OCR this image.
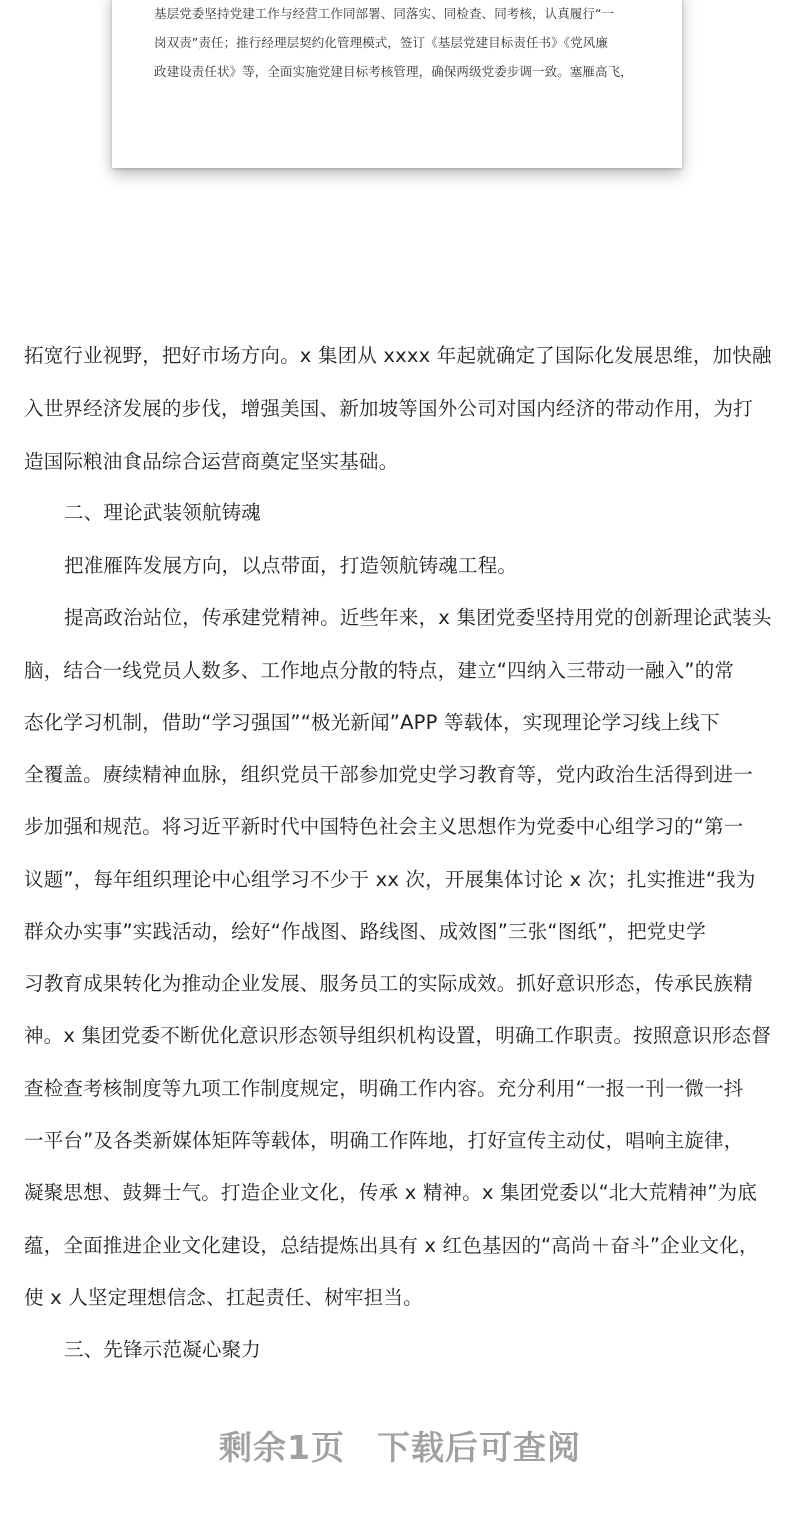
基层党委坚持党建工作与经营工作同部署、同落实、同检查、同考核，认真履行“一
岗双责”责任；推行经理层契约化管理模式，签订《基层党建目标责任书》《党风廉
政建设责任状》等，全面实施党建目标考核管理，确保两级党委步调一致。塞雁高飞，
拓宽行业视野，把好市场方向。x 集团从 xxxx 年起就确定了国际化发展思维，加快融
入世界经济发展的步伐，增强美国、新加坡等国外公司对国内经济的带动作用，为打
造国际粮油食品综合运营商奠定坚实基础。
二、理论武装领航铸魂
把准雁阵发展方向，以点带面，打造领航铸魂工程。
提高政治站位，传承建党精神。近些年来，x 集团党委坚持用党的创新理论武装头
脑，结合一线党员人数多、工作地点分散的特点，建立“四纳入三带动一融入”的常
态化学习机制，借助“学习强国”“极光新闻”APP 等载体，实现理论学习线上线下
全覆盖。赓续精神血脉，组织党员干部参加党史学习教育等，党内政治生活得到进一
步加强和规范。将习近平新时代中国特色社会主义思想作为党委中心组学习的“第一
议题”，每年组织理论中心组学习不少于 xx 次，开展集体讨论 x 次；扎实推进“我为
群众办实事”实践活动，绘好“作战图、路线图、成效图”三张“图纸”，把党史学
习教育成果转化为推动企业发展、服务员工的实际成效。抓好意识形态，传承民族精
神。x 集团党委不断优化意识形态领导组织机构设置，明确工作职责。按照意识形态督
查检查考核制度等九项工作制度规定，明确工作内容。充分利用“一报一刊一微一抖
一平台”及各类新媒体矩阵等载体，明确工作阵地，打好宣传主动仗，唱响主旋律，
凝聚思想、鼓舞士气。打造企业文化，传承 x 精神。x 集团党委以“北大荒精神”为底
蕴，全面推进企业文化建设，总结提炼出具有 x 红色基因的“高尚＋奋斗”企业文化，
使 x 人坚定理想信念、扛起责任、树牢担当。
三、先锋示范凝心聚力
剩余1页 下载后可查阅
